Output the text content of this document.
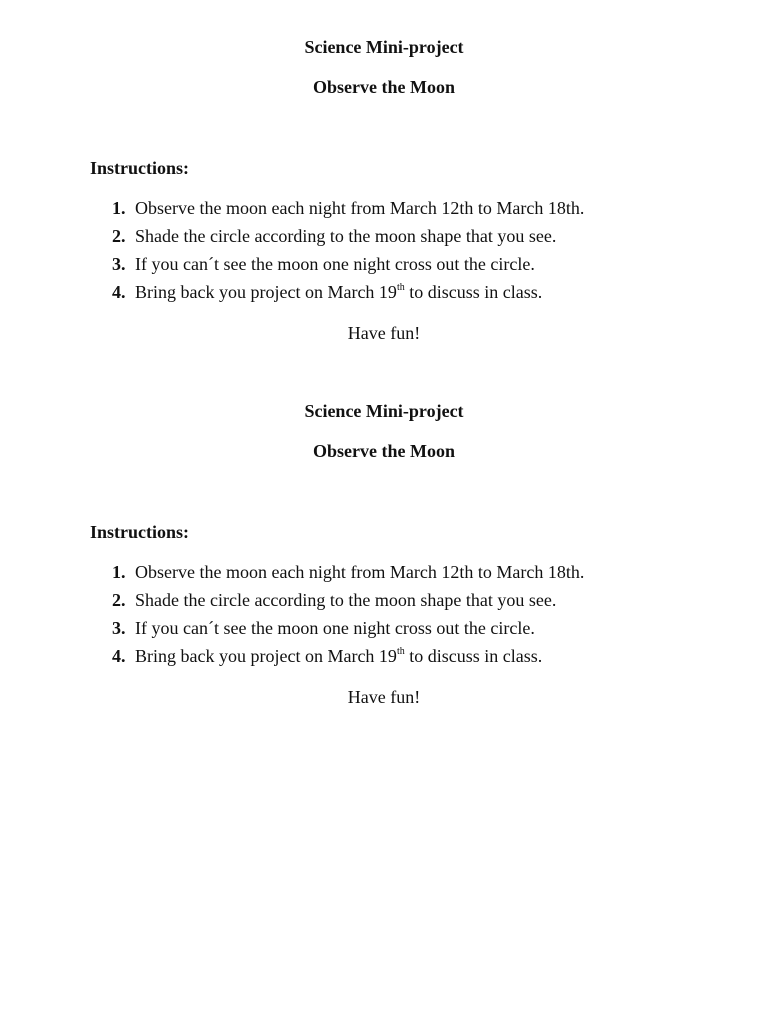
Science Mini-project

Observe the Moon

Instructions:

1. Observe the moon each night from March 12th to March 18th.
2. Shade the circle according to the moon shape that you see.
3. If you can´t see the moon one night cross out the circle.
4. Bring back you project on March 19th to discuss in class.

Have fun!

Science Mini-project

Observe the Moon

Instructions:

1. Observe the moon each night from March 12th to March 18th.
2. Shade the circle according to the moon shape that you see.
3. If you can´t see the moon one night cross out the circle.
4. Bring back you project on March 19th to discuss in class.

Have fun!
